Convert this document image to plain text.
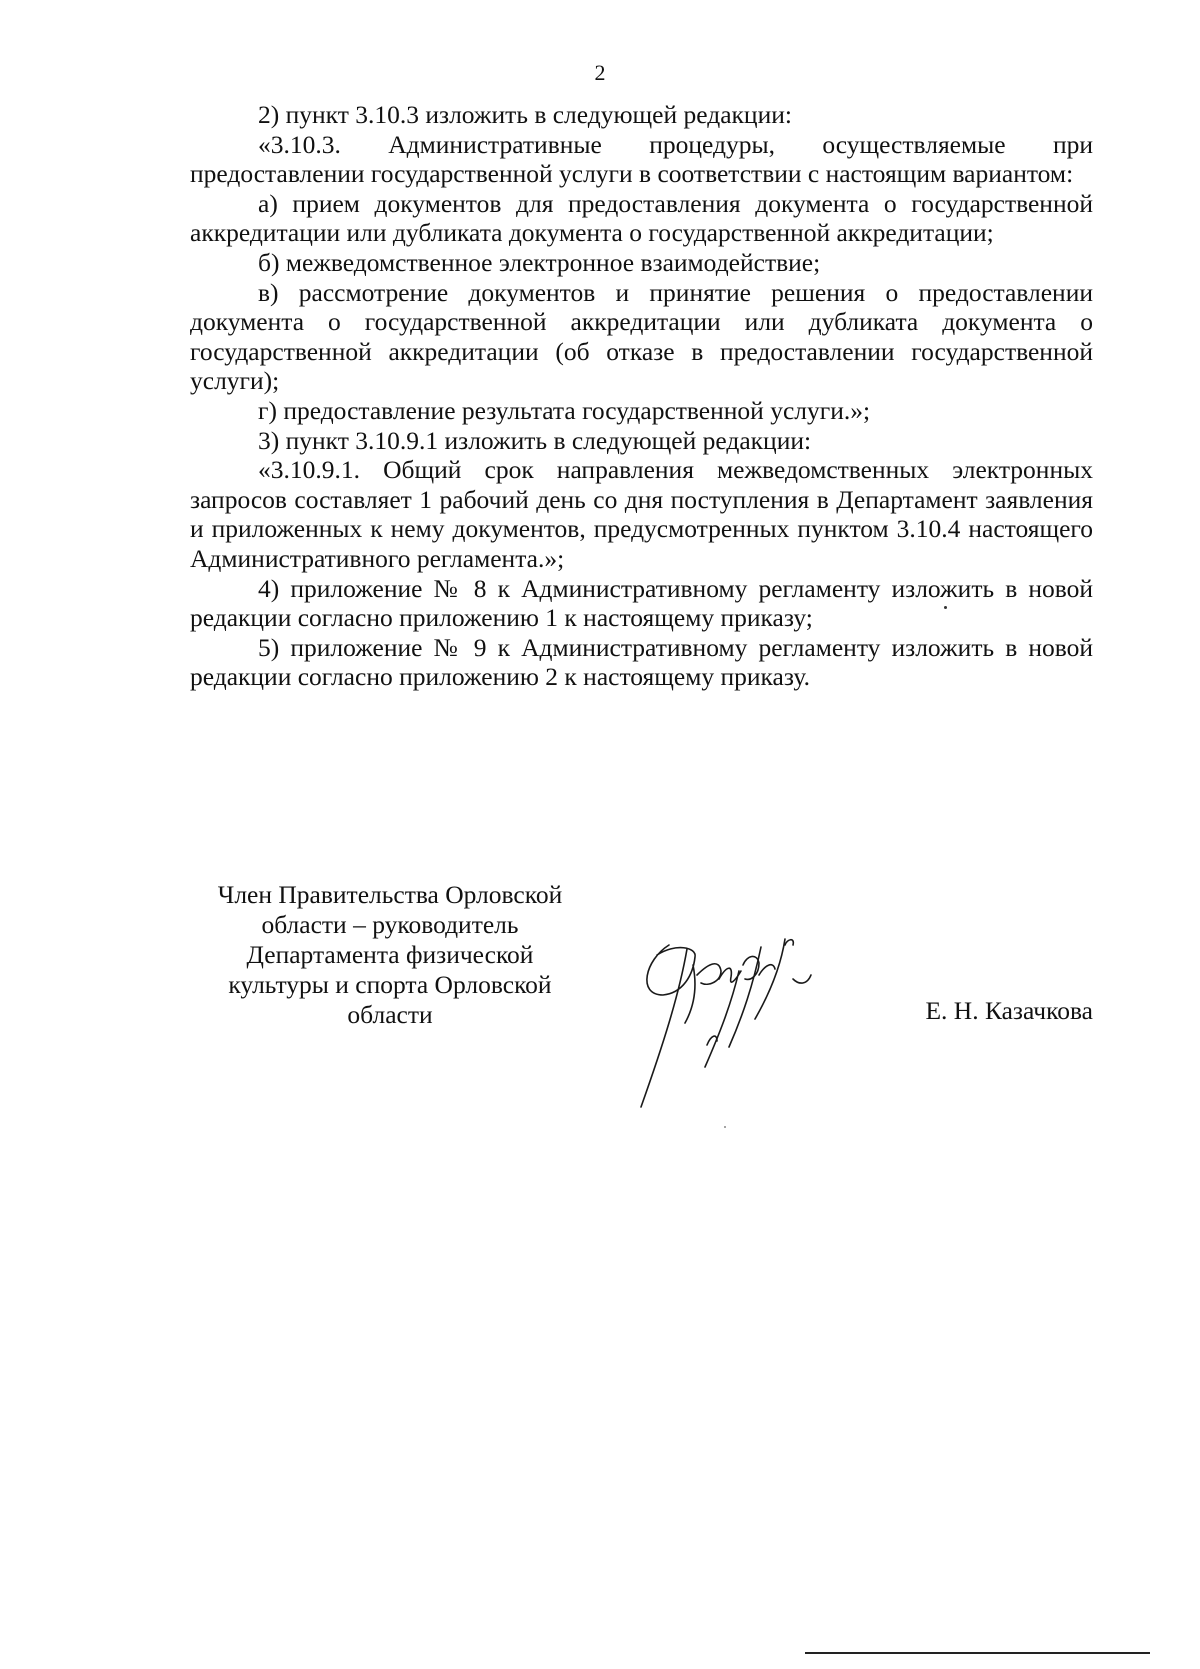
2

2) пункт 3.10.3 изложить в следующей редакции:

«3.10.3. Административные процедуры, осуществляемые при предоставлении государственной услуги в соответствии с настоящим вариантом:

а) прием документов для предоставления документа о государственной аккредитации или дубликата документа о государственной аккредитации;

б) межведомственное электронное взаимодействие;

в) рассмотрение документов и принятие решения о предоставлении документа о государственной аккредитации или дубликата документа о государственной аккредитации (об отказе в предоставлении государственной услуги);

г) предоставление результата государственной услуги.»;

3) пункт 3.10.9.1 изложить в следующей редакции:

«3.10.9.1. Общий срок направления межведомственных электронных запросов составляет 1 рабочий день со дня поступления в Департамент заявления и приложенных к нему документов, предусмотренных пунктом 3.10.4 настоящего Административного регламента.»;

4) приложение № 8 к Административному регламенту изложить в новой редакции согласно приложению 1 к настоящему приказу;

5) приложение № 9 к Административному регламенту изложить в новой редакции согласно приложению 2 к настоящему приказу.

Член Правительства Орловской
области – руководитель
Департамента физической
культуры и спорта Орловской
области	Е. Н. Казачкова
